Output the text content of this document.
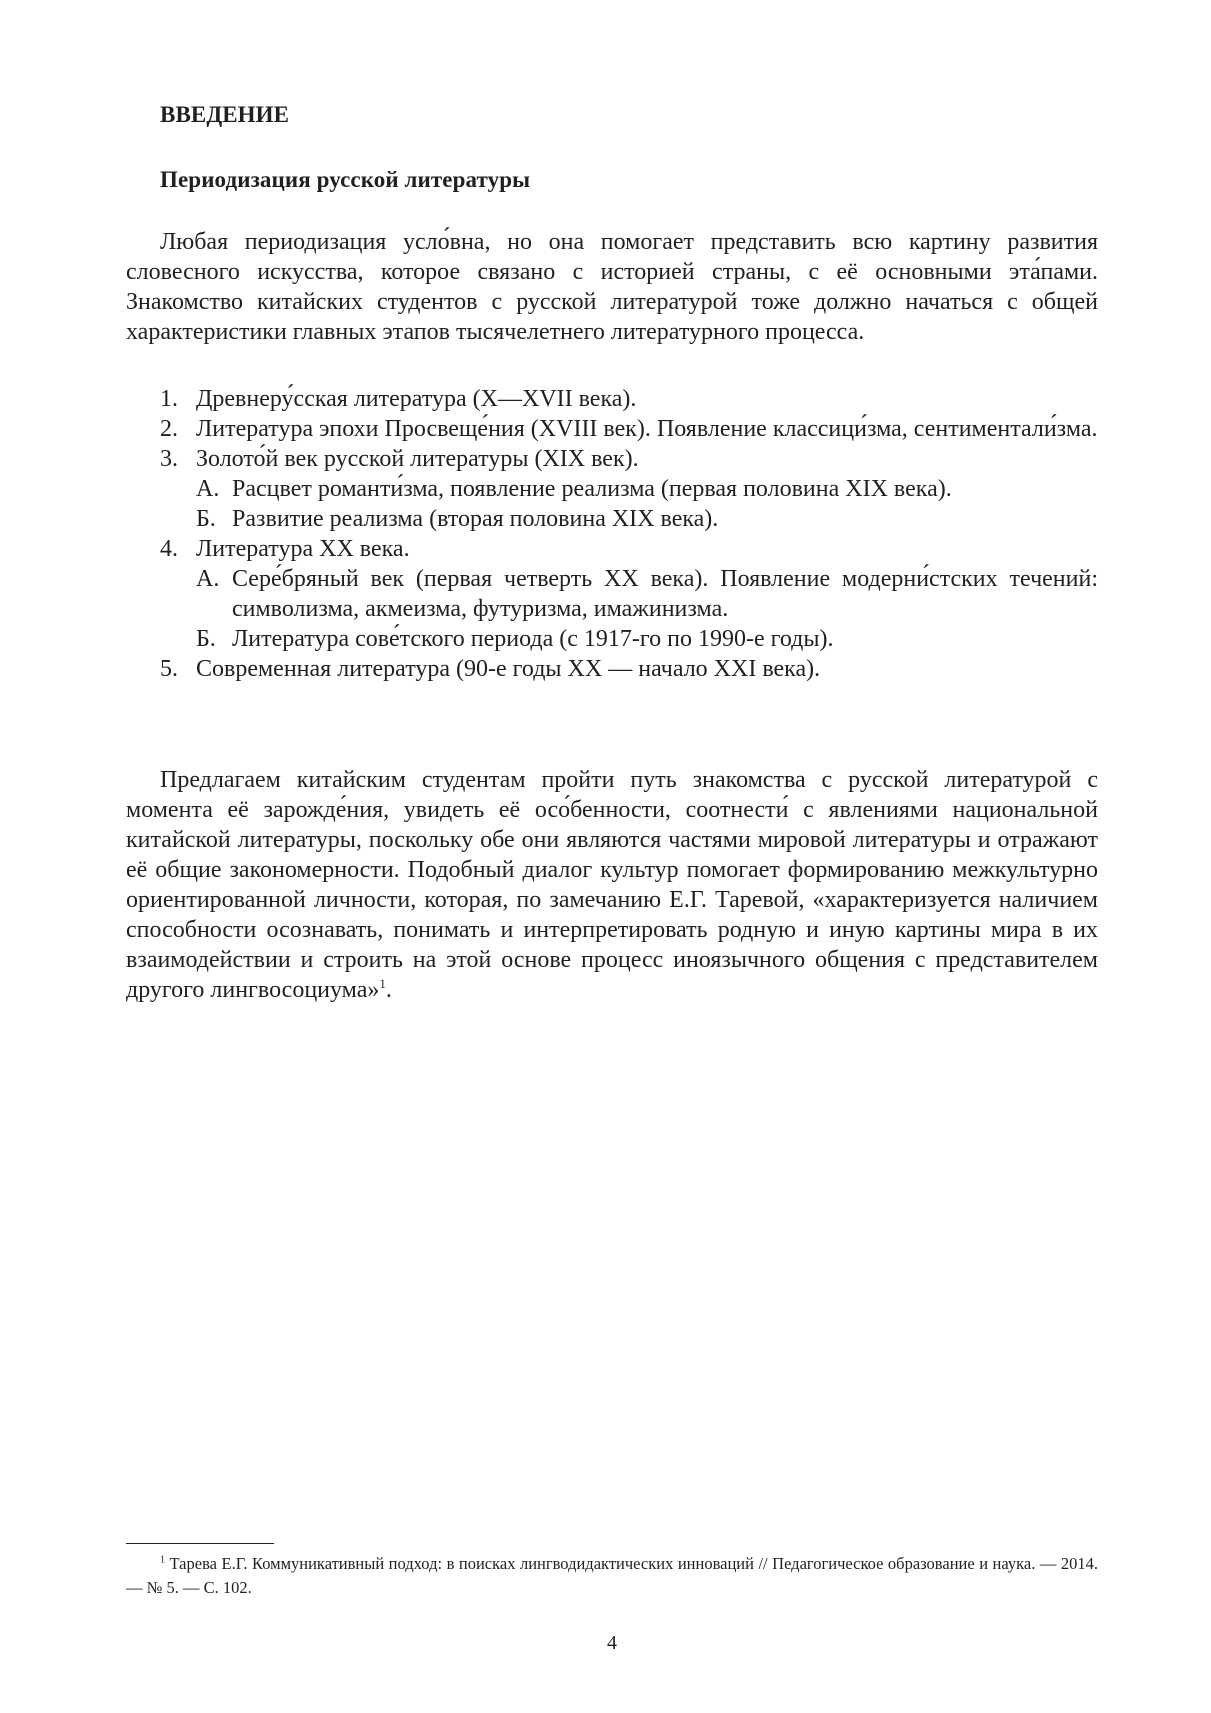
ВВЕДЕНИЕ
Периодизация русской литературы

Любая периодизация усло́вна, но она помогает представить всю картину развития словесного искусства, которое связано с историей страны, с её основными эта́пами. Знакомство китайских студентов с русской литературой тоже должно начаться с общей характеристики главных этапов тысячелетнего литературного процесса.

1. Древнеру́сская литература (X—XVII века).
2. Литература эпохи Просвеще́ния (XVIII век). Появление классици́зма, сентиментали́зма.
3. Золото́й век русской литературы (XIX век).
А. Расцвет романти́зма, появление реализма (первая половина XIX века).
Б. Развитие реализма (вторая половина XIX века).
4. Литература XX века.
А. Сере́бряный век (первая четверть XX века). Появление модерни́стских течений: символизма, акмеизма, футуризма, имажинизма.
Б. Литература сове́тского периода (с 1917-го по 1990-е годы).
5. Современная литература (90-е годы XX — начало XXI века).

Предлагаем китайским студентам пройти путь знакомства с русской литературой с момента её зарожде́ния, увидеть её осо́бенности, соотнести́ с явлениями национальной китайской литературы, поскольку обе они являются частями мировой литературы и отражают её общие закономерности. Подобный диалог культур помогает формированию межкультурно ориентированной личности, которая, по замечанию Е.Г. Таревой, «характеризуется наличием способности осознавать, понимать и интерпретировать родную и иную картины мира в их взаимодействии и строить на этой основе процесс иноязычного общения с представителем другого лингвосоциума»$^1$.

$^1$ Тарева Е.Г. Коммуникативный подход: в поисках лингводидактических инноваций // Педагогическое образование и наука. — 2014. — № 5. — С. 102.

4
